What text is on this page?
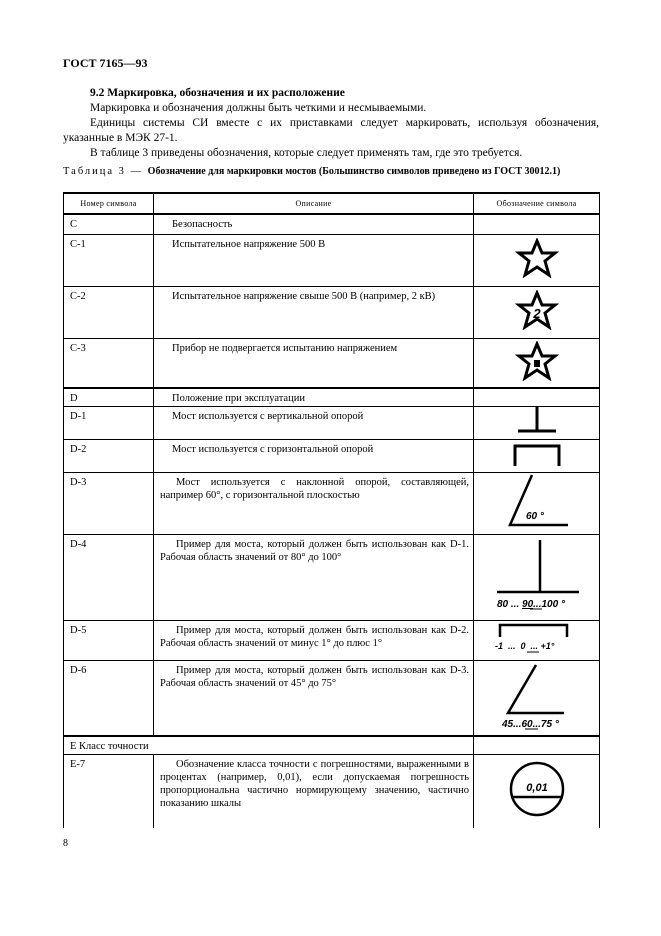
ГОСТ 7165—93
9.2 Маркировка, обозначения и их расположение
Маркировка и обозначения должны быть четкими и несмываемыми.
Единицы системы СИ вместе с их приставками следует маркировать, используя обозначения, указанные в МЭК 27-1.
В таблице 3 приведены обозначения, которые следует применять там, где это требуется.
Таблица 3 — Обозначение для маркировки мостов (Большинство символов приведено из ГОСТ 30012.1)
Номер символа	Описание	Обозначение символа
C	Безопасность	
C-1	Испытательное напряжение 500 В	
C-2	Испытательное напряжение свыше 500 В (например, 2 кВ)	2

C-3	Прибор не подвергается испытанию напряжением	
D	Положение при эксплуатации	
D-1	Мост используется с вертикальной опорой	
D-2	Мост используется с горизонтальной опорой	
D-3	Мост используется с наклонной опорой, составляющей, например 60°, с горизонтальной плоскостью	60 °

D-4	Пример для моста, который должен быть использован как D-1. Рабочая область значений от 80° до 100°	80 ... 90...100 °

D-5	Пример для моста, который должен быть использован как D-2. Рабочая область значений от минус 1° до плюс 1°	-1  ...  0  ... +1°

D-6	Пример для моста, который должен быть использован как D-3. Рабочая область значений от 45° до 75°	45...60...75 °

E Класс точности		
E-7	Обозначение класса точности с погрешностями, выраженными в процентах (например, 0,01), если допускаемая погрешность пропорциональна частично нормирующему значению, частично показанию шкалы	0,01
8
